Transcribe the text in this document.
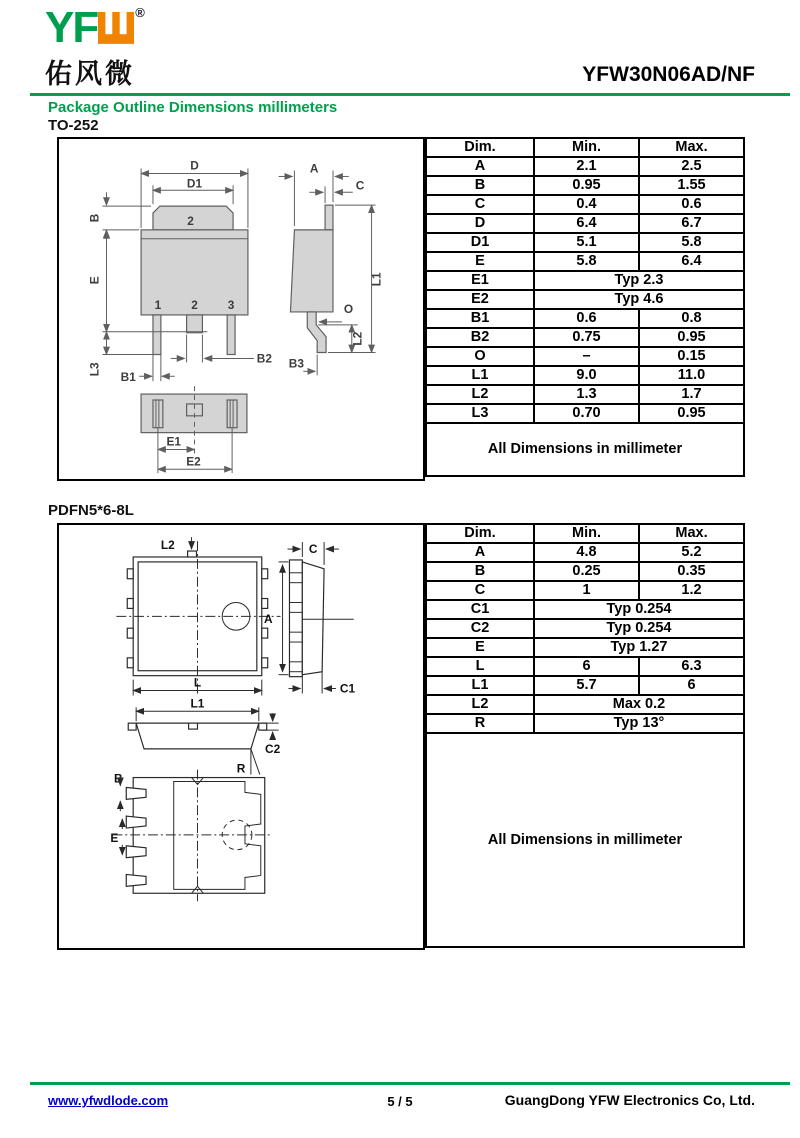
YF	®
佑风微	YFW30N06AD/NF
Package Outline Dimensions millimeters
TO-252
D
D1
2
1 2 3
B
E
L3
B1
B2
E1
E2
A
C
L1
O
L2
B3
Dim.	Min.	Max.
A	2.1	2.5
B	0.95	1.55
C	0.4	0.6
D	6.4	6.7
D1	5.1	5.8
E	5.8	6.4
E1	Typ 2.3	
E2	Typ 4.6	
B1	0.6	0.8
B2	0.75	0.95
O	–	0.15
L1	9.0	11.0
L2	1.3	1.7
L3	0.70	0.95
All Dimensions in millimeter		
PDFN5*6-8L
L2
L
C
A
C1
L1
C2
R
B
E
Dim.	Min.	Max.
A	4.8	5.2
B	0.25	0.35
C	1	1.2
C1	Typ 0.254	
C2	Typ 0.254	
E	Typ 1.27	
L	6	6.3
L1	5.7	6
L2	Max 0.2	
R	Typ 13°	
All Dimensions in millimeter		
www.yfwdlode.com	5 / 5	GuangDong YFW Electronics Co, Ltd.
